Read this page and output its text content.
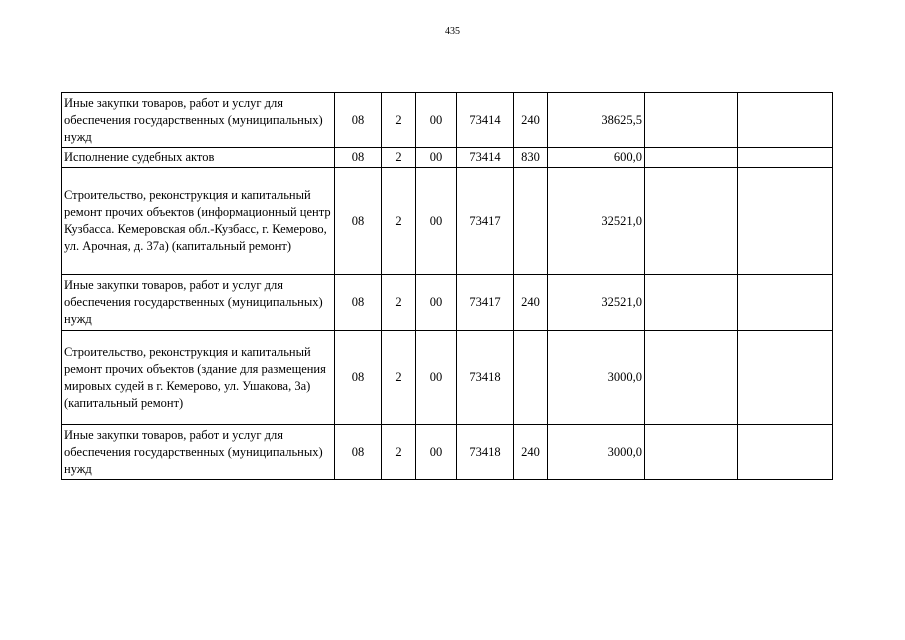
435
Иные закупки товаров, работ и услуг для обеспечения государственных (муниципальных) нужд	08	2	00	73414	240	38625,5		
Исполнение судебных актов	08	2	00	73414	830	600,0		
Строительство, реконструкция и капитальный ремонт прочих объектов (информационный центр Кузбасса. Кемеровская обл.-Кузбасс, г. Кемерово, ул. Арочная, д. 37а) (капитальный ремонт)	08	2	00	73417		32521,0		
Иные закупки товаров, работ и услуг для обеспечения государственных (муниципальных) нужд	08	2	00	73417	240	32521,0		
Строительство, реконструкция и капитальный ремонт прочих объектов (здание для размещения мировых судей в г. Кемерово, ул. Ушакова, 3а) (капитальный ремонт)	08	2	00	73418		3000,0		
Иные закупки товаров, работ и услуг для обеспечения государственных (муниципальных) нужд	08	2	00	73418	240	3000,0		
